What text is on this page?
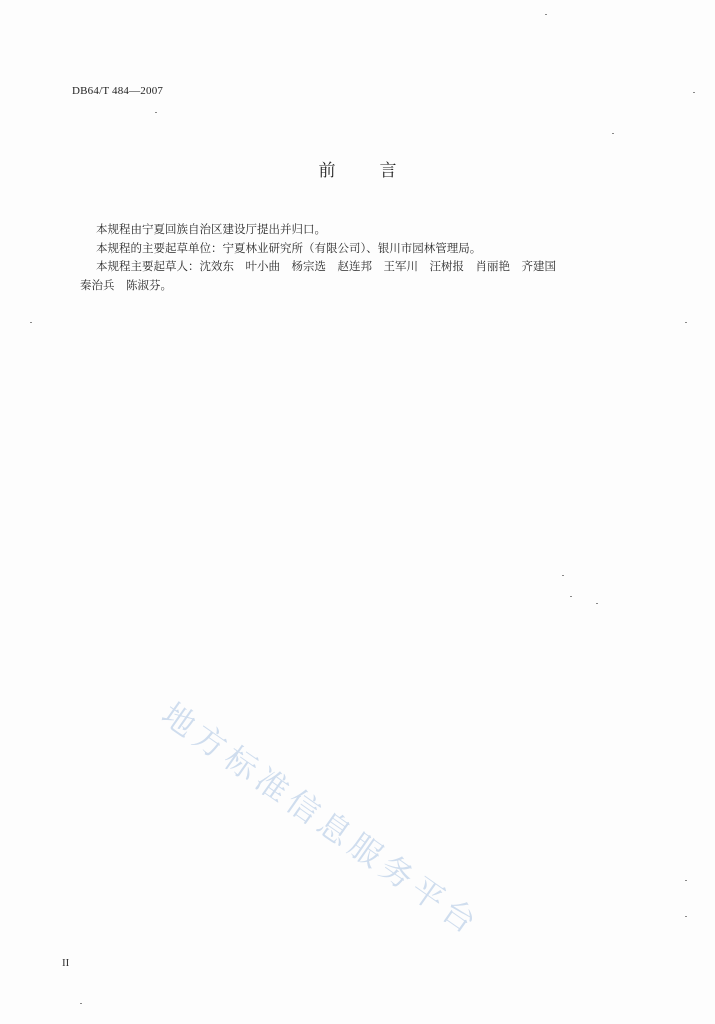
DB64/T 484—2007
前言

本规程由宁夏回族自治区建设厅提出并归口。

本规程的主要起草单位：宁夏林业研究所（有限公司）、银川市园林管理局。

本规程主要起草人：沈效东　叶小曲　杨宗选　赵连邦　王军川　汪树报　肖丽艳　齐建国

秦治兵　陈淑芬。

地方标准信息服务平台
II
